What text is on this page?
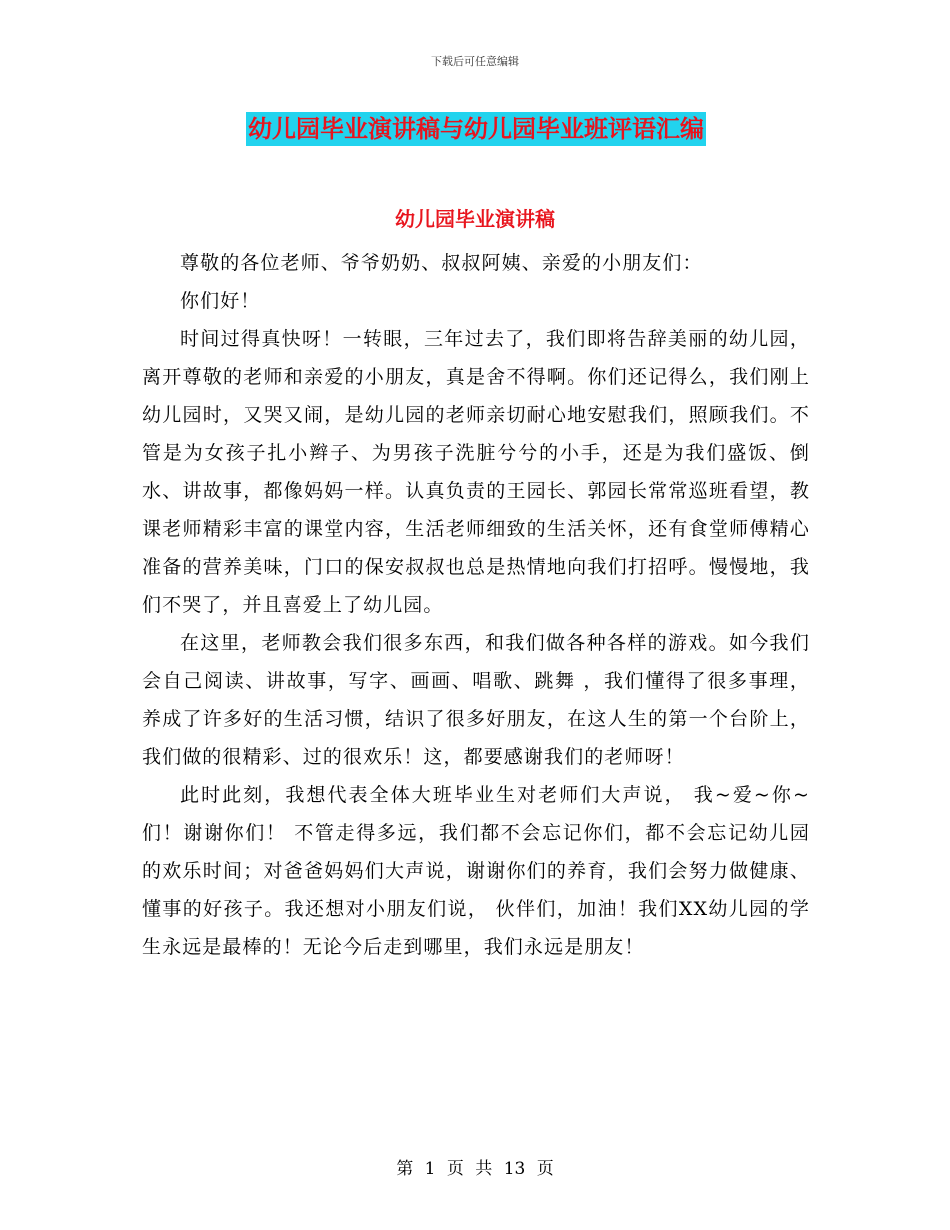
下载后可任意编辑
幼儿园毕业演讲稿与幼儿园毕业班评语汇编
幼儿园毕业演讲稿

尊敬的各位老师、爷爷奶奶、叔叔阿姨、亲爱的小朋友们：

你们好！

时间过得真快呀！一转眼，三年过去了，我们即将告辞美丽的幼儿园，离开尊敬的老师和亲爱的小朋友，真是舍不得啊。你们还记得么，我们刚上幼儿园时，又哭又闹，是幼儿园的老师亲切耐心地安慰我们，照顾我们。不管是为女孩子扎小辫子、为男孩子洗脏兮兮的小手，还是为我们盛饭、倒水、讲故事，都像妈妈一样。认真负责的王园长、郭园长常常巡班看望，教课老师精彩丰富的课堂内容，生活老师细致的生活关怀，还有食堂师傅精心准备的营养美味，门口的保安叔叔也总是热情地向我们打招呼。慢慢地，我们不哭了，并且喜爱上了幼儿园。

在这里，老师教会我们很多东西，和我们做各种各样的游戏。如今我们会自己阅读、讲故事，写字、画画、唱歌、跳舞 ，我们懂得了很多事理，养成了许多好的生活习惯，结识了很多好朋友，在这人生的第一个台阶上，我们做的很精彩、过的很欢乐！这，都要感谢我们的老师呀！

此时此刻，我想代表全体大班毕业生对老师们大声说， 我~爱~你~们！谢谢你们！ 不管走得多远，我们都不会忘记你们，都不会忘记幼儿园的欢乐时间；对爸爸妈妈们大声说，谢谢你们的养育，我们会努力做健康、懂事的好孩子。我还想对小朋友们说， 伙伴们，加油！我们XX幼儿园的学生永远是最棒的！无论今后走到哪里，我们永远是朋友！

第 1 页 共 13 页
